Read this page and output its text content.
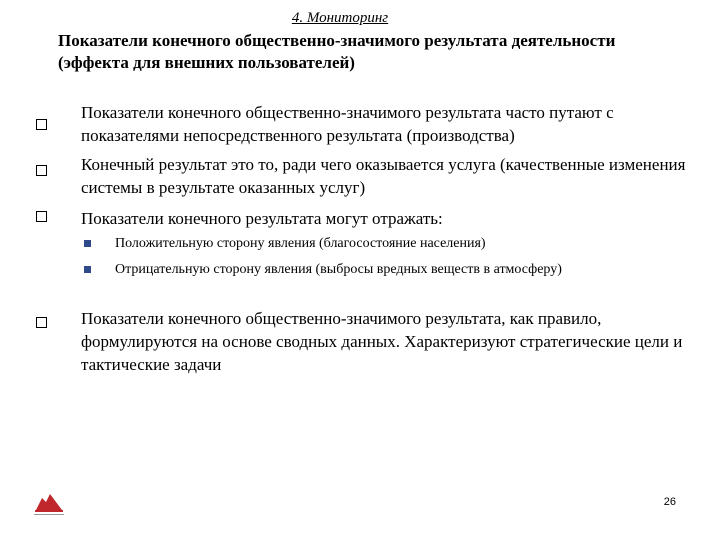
4. Мониторинг
Показатели конечного общественно-значимого результата деятельности (эффекта для внешних пользователей)
Показатели конечного общественно-значимого результата часто путают с показателями непосредственного результата (производства)
Конечный результат это то, ради чего оказывается услуга (качественные изменения системы в результате оказанных услуг)
Показатели конечного результата могут отражать:
Положительную сторону явления (благосостояние населения)
Отрицательную сторону явления (выбросы вредных веществ в атмосферу)
Показатели конечного общественно-значимого результата, как правило, формулируются на основе сводных данных. Характеризуют стратегические цели и тактические задачи
26
